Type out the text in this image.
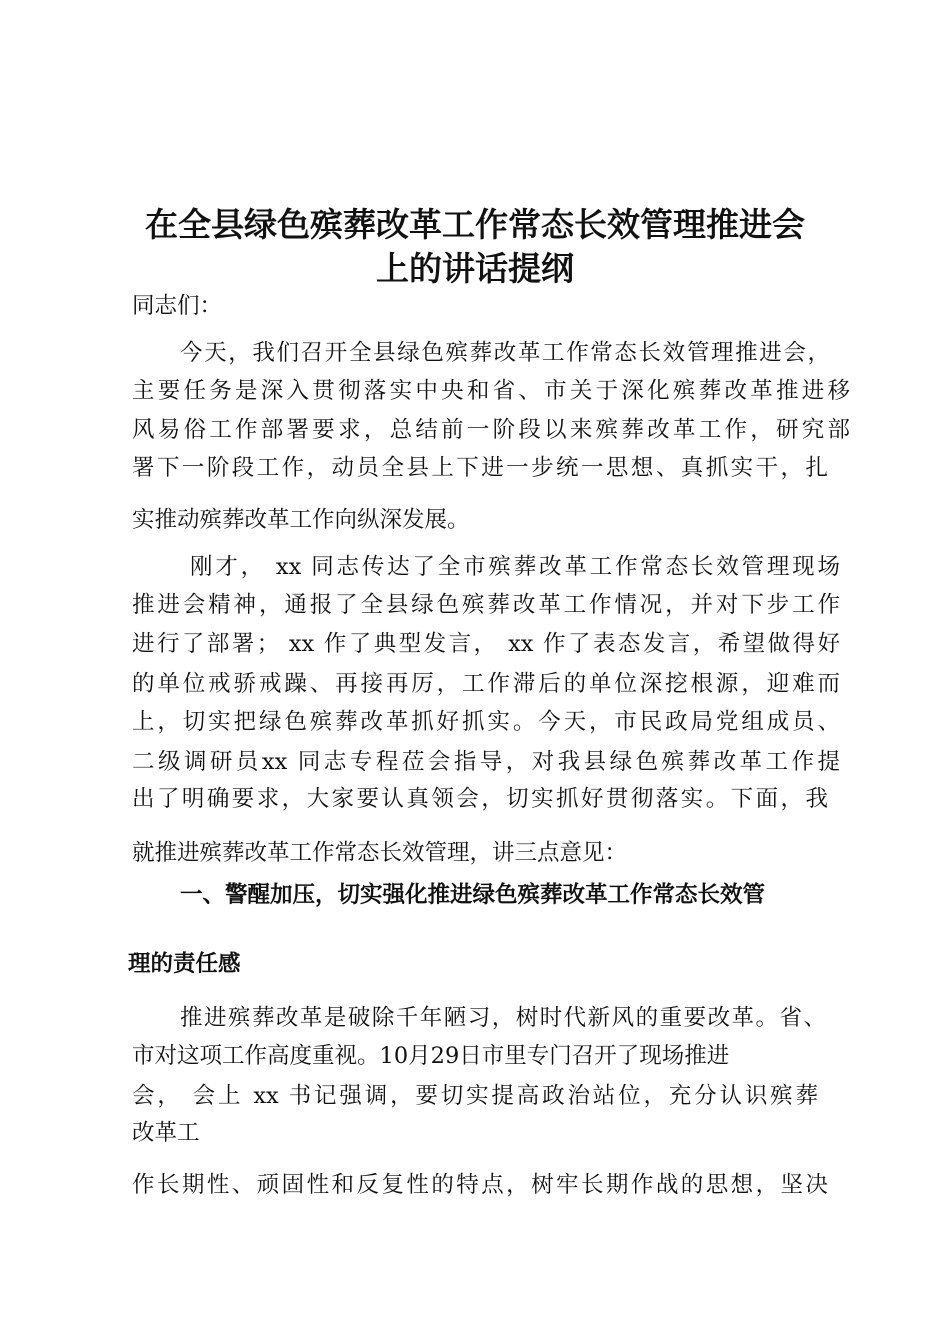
在全县绿色殡葬改革工作常态长效管理推进会
上的讲话提纲
同志们：
今天，我们召开全县绿色殡葬改革工作常态长效管理推进会，
主要任务是深入贯彻落实中央和省、市关于深化殡葬改革推进移
风易俗工作部署要求，总结前一阶段以来殡葬改革工作，研究部
署下一阶段工作，动员全县上下进一步统一思想、真抓实干，扎
实推动殡葬改革工作向纵深发展。
刚才， xx 同志传达了全市殡葬改革工作常态长效管理现场
推进会精神，通报了全县绿色殡葬改革工作情况，并对下步工作
进行了部署； xx 作了典型发言， xx 作了表态发言，希望做得好
的单位戒骄戒躁、再接再厉，工作滞后的单位深挖根源，迎难而
上，切实把绿色殡葬改革抓好抓实。今天，市民政局党组成员、
二级调研员xx 同志专程莅会指导，对我县绿色殡葬改革工作提
出了明确要求，大家要认真领会，切实抓好贯彻落实。下面，我
就推进殡葬改革工作常态长效管理，讲三点意见：
一、警醒加压，切实强化推进绿色殡葬改革工作常态长效管
理的责任感
推进殡葬改革是破除千年陋习，树时代新风的重要改革。省、
市对这项工作高度重视。10月29日市里专门召开了现场推进
会， 会上 xx 书记强调，要切实提高政治站位，充分认识殡葬
改革工
作长期性、顽固性和反复性的特点，树牢长期作战的思想，坚决
